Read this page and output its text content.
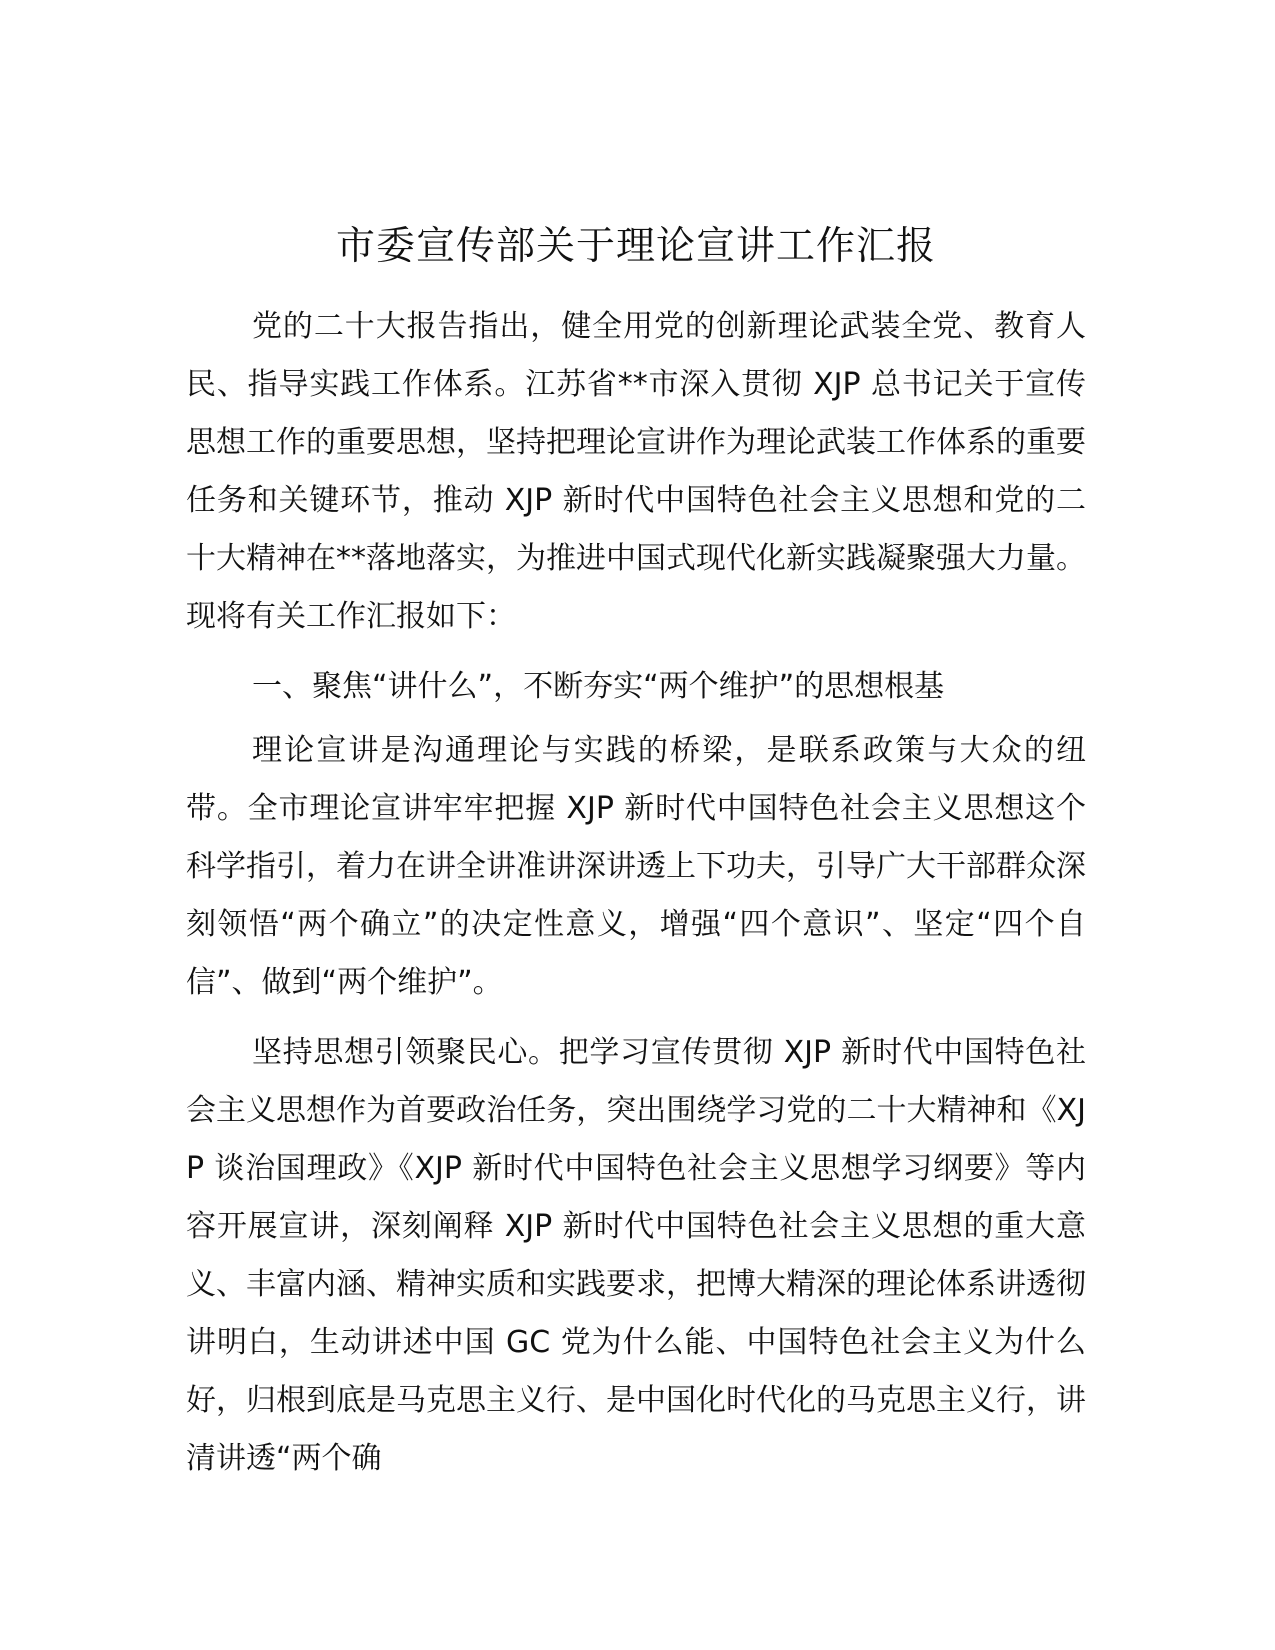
市委宣传部关于理论宣讲工作汇报

党的二十大报告指出，健全用党的创新理论武装全党、教育人民、指导实践工作体系。江苏省**市深入贯彻 XJP 总书记关于宣传思想工作的重要思想，坚持把理论宣讲作为理论武装工作体系的重要任务和关键环节，推动 XJP 新时代中国特色社会主义思想和党的二十大精神在**落地落实，为推进中国式现代化新实践凝聚强大力量。现将有关工作汇报如下：

一、聚焦“讲什么”，不断夯实“两个维护”的思想根基

理论宣讲是沟通理论与实践的桥梁，是联系政策与大众的纽带。全市理论宣讲牢牢把握 XJP 新时代中国特色社会主义思想这个科学指引，着力在讲全讲准讲深讲透上下功夫，引导广大干部群众深刻领悟“两个确立”的决定性意义，增强“四个意识”、坚定“四个自信”、做到“两个维护”。

坚持思想引领聚民心。把学习宣传贯彻 XJP 新时代中国特色社会主义思想作为首要政治任务，突出围绕学习党的二十大精神和《XJP 谈治国理政》《XJP 新时代中国特色社会主义思想学习纲要》等内容开展宣讲，深刻阐释 XJP 新时代中国特色社会主义思想的重大意义、丰富内涵、精神实质和实践要求，把博大精深的理论体系讲透彻讲明白，生动讲述中国 GC 党为什么能、中国特色社会主义为什么好，归根到底是马克思主义行、是中国化时代化的马克思主义行，讲清讲透“两个确
